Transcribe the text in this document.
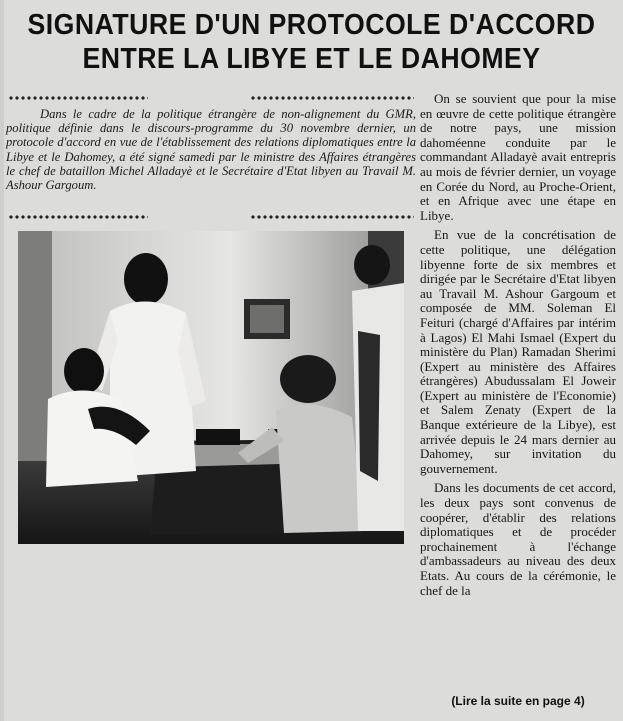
SIGNATURE D'UN PROTOCOLE D'ACCORD
ENTRE LA LIBYE ET LE DAHOMEY
Dans le cadre de la politique étrangère de non-alignement du GMR, politique définie dans le discours-programme du 30 novembre dernier, un protocole d'accord en vue de l'établissement des relations diplomatiques entre la Libye et le Dahomey, a été signé samedi par le ministre des Affaires étrangères le chef de bataillon Michel Alladayè et le Secrétaire d'Etat libyen au Travail M. Ashour Gargoum.

On se souvient que pour la mise en œuvre de cette politique étrangère de notre pays, une mission dahoméenne conduite par le commandant Alladayè avait entrepris au mois de février dernier, un voyage en Corée du Nord, au Proche-Orient, et en Afrique avec une étape en Libye.

En vue de la concrétisation de cette politique, une délégation libyenne forte de six membres et dirigée par le Secrétaire d'Etat libyen au Travail M. Ashour Gargoum et composée de MM. Soleman El Feituri (chargé d'Affaires par intérim à Lagos) El Mahi Ismael (Expert du ministère du Plan) Ramadan Sherimi (Expert au ministère des Affaires étrangères) Abudussalam El Joweir (Expert au ministère de l'Economie) et Salem Zenaty (Expert de la Banque extérieure de la Libye), est arrivée depuis le 24 mars dernier au Dahomey, sur invitation du gouvernement.

Dans les documents de cet accord, les deux pays sont convenus de coopérer, d'établir des relations diplomatiques et de procéder prochainement à l'échange d'ambassadeurs au niveau des deux Etats. Au cours de la cérémonie, le chef de la

(Lire la suite en page 4)
